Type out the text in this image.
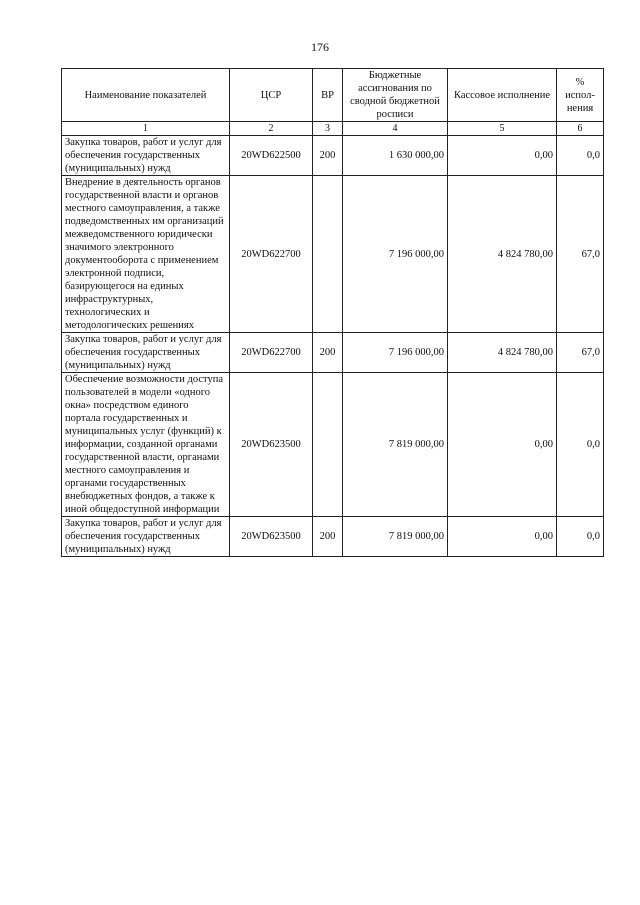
176
Наименование показателей	ЦСР	ВР	Бюджетные ассигнования по сводной бюджетной росписи	Кассовое исполнение	% испол-нения
1	2	3	4	5	6
Закупка товаров, работ и услуг для обеспечения государственных (муниципальных) нужд	20WD622500	200	1 630 000,00	0,00	0,0
Внедрение в деятельность органов государственной власти и органов местного самоуправления, а также подведомственных им организаций межведомственного юридически значимого электронного документооборота с применением электронной подписи, базирующегося на единых инфраструктурных, технологических и методологических решениях	20WD622700		7 196 000,00	4 824 780,00	67,0
Закупка товаров, работ и услуг для обеспечения государственных (муниципальных) нужд	20WD622700	200	7 196 000,00	4 824 780,00	67,0
Обеспечение возможности доступа пользователей в модели «одного окна» посредством единого портала государственных и муниципальных услуг (функций) к информации, созданной органами государственной власти, органами местного самоуправления и органами государственных внебюджетных фондов, а также к иной общедоступной информации	20WD623500		7 819 000,00	0,00	0,0
Закупка товаров, работ и услуг для обеспечения государственных (муниципальных) нужд	20WD623500	200	7 819 000,00	0,00	0,0
